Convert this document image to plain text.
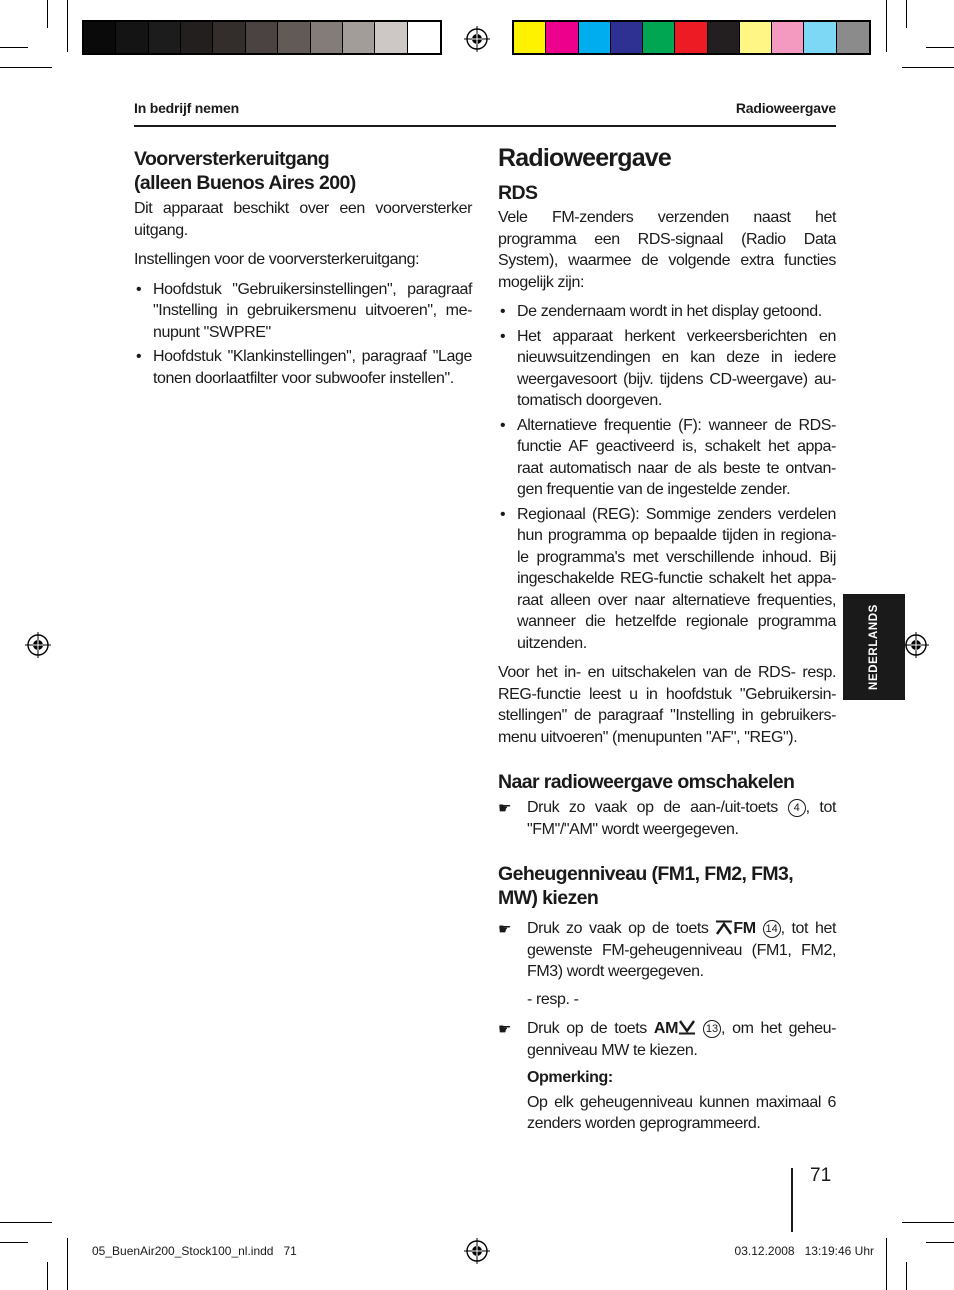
In bedrijf nemen	Radioweergave
Voorversterkeruitgang
(alleen Buenos Aires 200)

Dit apparaat beschikt over een voorversterker uitgang.

Instellingen voor de voorversterkeruitgang:

• Hoofdstuk "Gebruikersinstellingen", paragraaf "Instelling in gebruikersmenu uitvoeren", me-nupunt "SWPRE"
• Hoofdstuk "Klankinstellingen", paragraaf "Lage tonen doorlaatfilter voor subwoofer instellen".
Radioweergave
RDS

Vele FM-zenders verzenden naast het programma een RDS-signaal (Radio Data System), waarmee de volgende extra functies mogelijk zijn:

• De zendernaam wordt in het display getoond.
• Het apparaat herkent verkeersberichten en nieuwsuitzendingen en kan deze in iedere weergavesoort (bijv. tijdens CD-weergave) au-tomatisch doorgeven.
• Alternatieve frequentie (F): wanneer de RDS-functie AF geactiveerd is, schakelt het appa-raat automatisch naar de als beste te ontvan-gen frequentie van de ingestelde zender.
• Regionaal (REG): Sommige zenders verdelen hun programma op bepaalde tijden in regiona-le programma's met verschillende inhoud. Bij ingeschakelde REG-functie schakelt het appa-raat alleen over naar alternatieve frequenties, wanneer die hetzelfde regionale programma uitzenden.

Voor het in- en uitschakelen van de RDS- resp. REG-functie leest u in hoofdstuk "Gebruikersin-stellingen" de paragraaf "Instelling in gebruikers-menu uitvoeren" (menupunten "AF", "REG").

Naar radioweergave omschakelen
☛ Druk zo vaak op de aan-/uit-toets 4 , tot "FM"/"AM" wordt weergegeven.
Geheugenniveau (FM1, FM2, FM3,
MW) kiezen
☛ Druk zo vaak op de toets FM 14 , tot het gewenste FM-geheugenniveau (FM1, FM2, FM3) wordt weergegeven.
- resp. -
☛ Druk op de toets AM	13 , om het geheu-genniveau MW te kiezen.
Opmerking:

Op elk geheugenniveau kunnen maximaal 6 zenders worden geprogrammeerd.

NEDERLANDS
71
05_BuenAir200_Stock100_nl.indd   71	03.12.2008   13:19:46 Uhr
